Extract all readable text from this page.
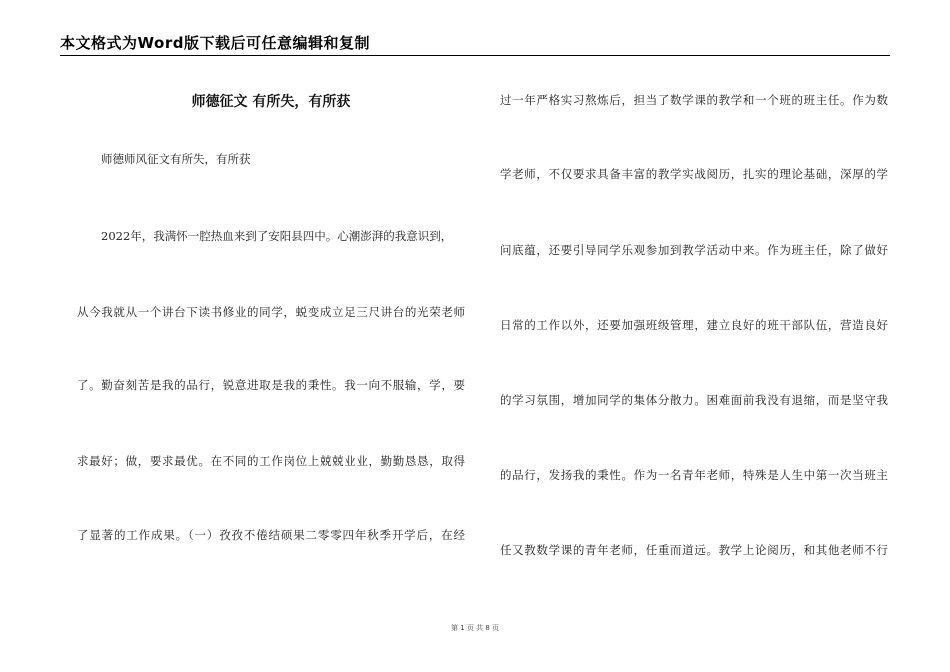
本文格式为Word版下载后可任意编辑和复制
师德征文 有所失，有所获
师德师风征文有所失，有所获
2022年，我满怀一腔热血来到了安阳县四中。心潮澎湃的我意识到，
从今我就从一个讲台下读书修业的同学，蜕变成立足三尺讲台的光荣老师
了。勤奋刻苦是我的品行，锐意进取是我的秉性。我一向不服输，学，要
求最好；做，要求最优。在不同的工作岗位上兢兢业业，勤勤恳恳，取得
了显著的工作成果。（一）孜孜不倦结硕果二零零四年秋季开学后，在经
过一年严格实习熬炼后，担当了数学课的教学和一个班的班主任。作为数
学老师，不仅要求具备丰富的教学实战阅历，扎实的理论基础，深厚的学
问底蕴，还要引导同学乐观参加到教学活动中来。作为班主任，除了做好
日常的工作以外，还要加强班级管理，建立良好的班干部队伍，营造良好
的学习氛围，增加同学的集体分散力。困难面前我没有退缩，而是坚守我
的品行，发扬我的秉性。作为一名青年老师，特殊是人生中第一次当班主
任又教数学课的青年老师，任重而道远。教学上论阅历，和其他老师不行
第 1 页 共 8 页
